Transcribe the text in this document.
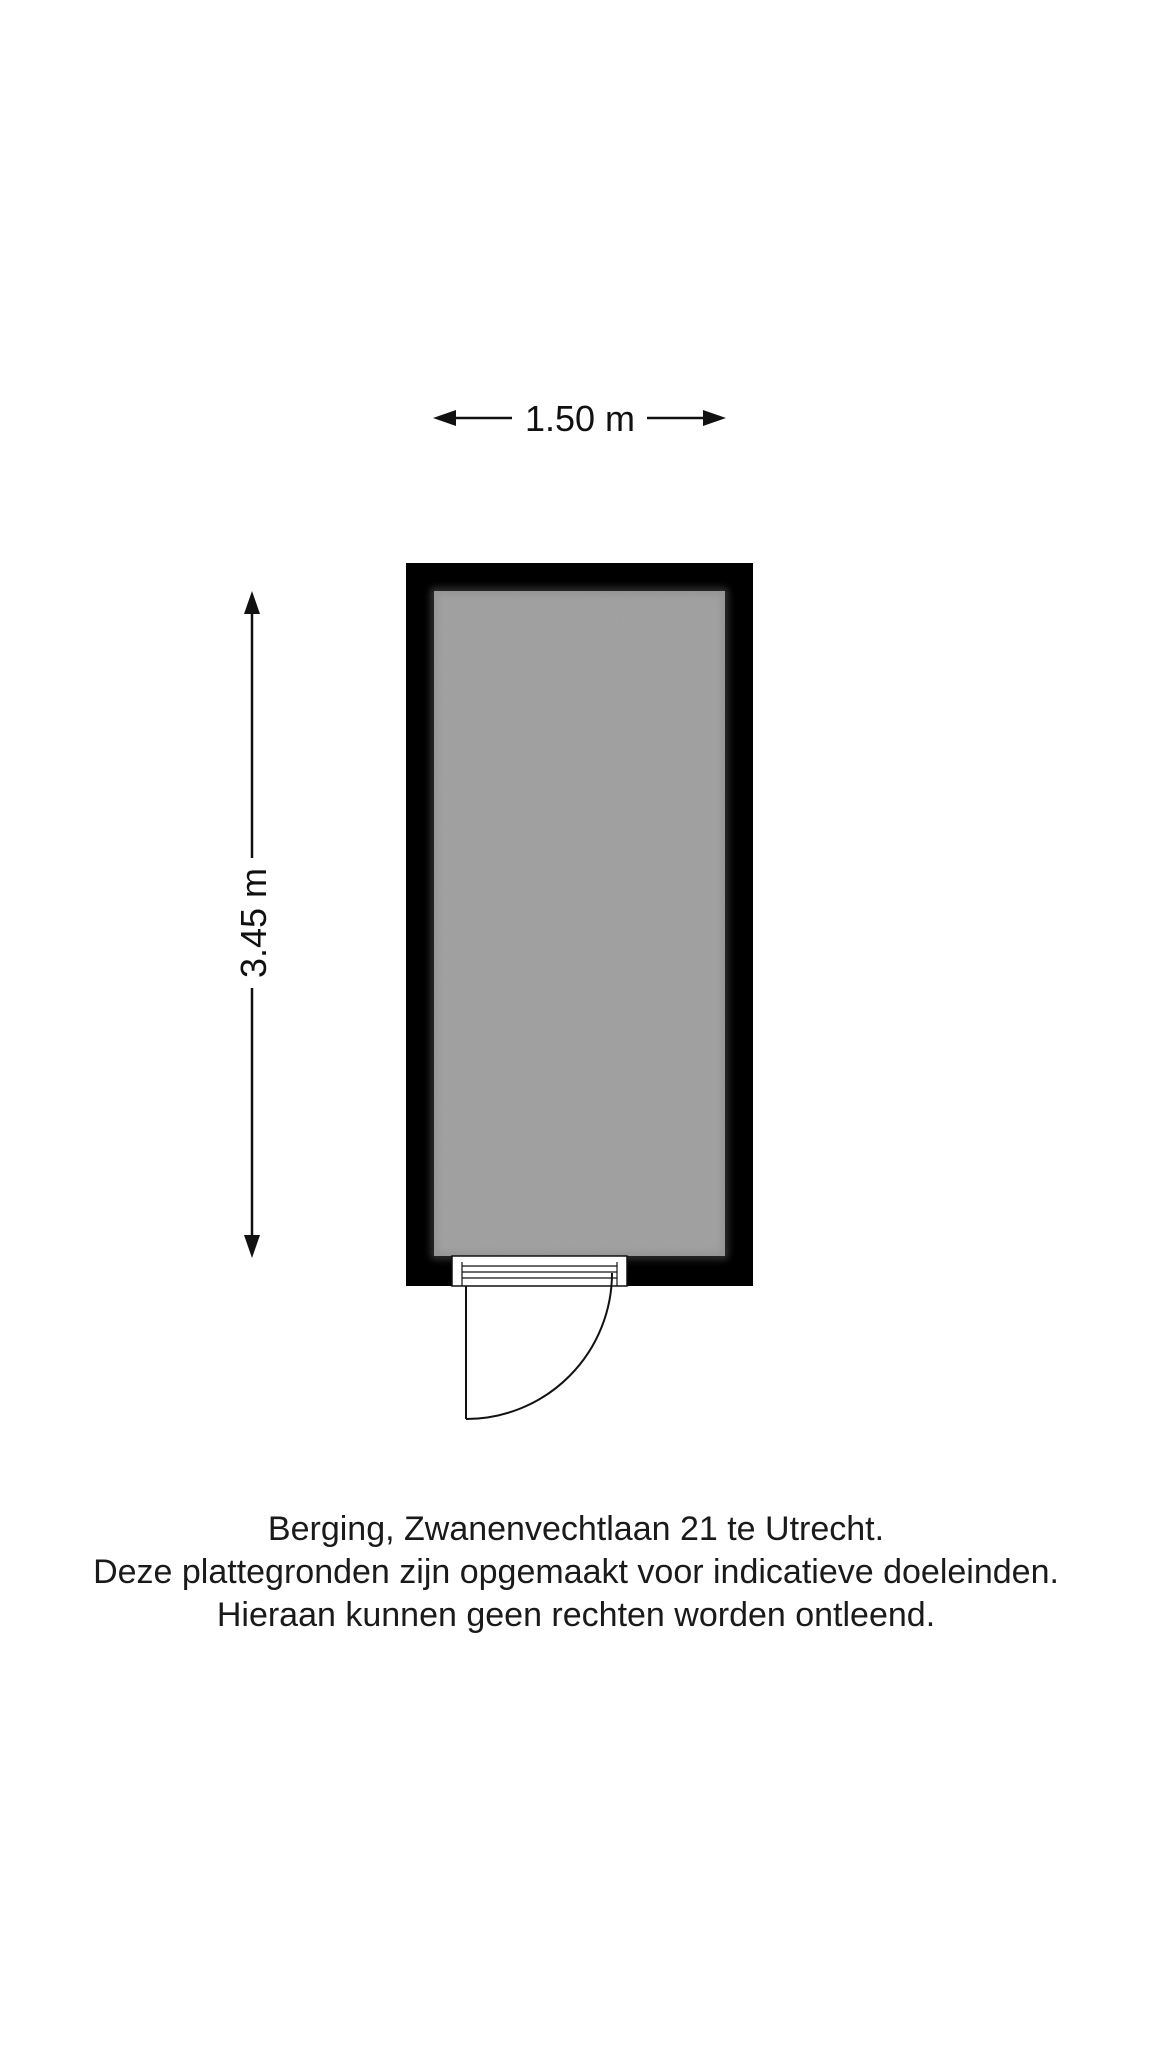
1.50 m
3.45 m
Berging, Zwanenvechtlaan 21 te Utrecht.
Deze plattegronden zijn opgemaakt voor indicatieve doeleinden.
Hieraan kunnen geen rechten worden ontleend.
